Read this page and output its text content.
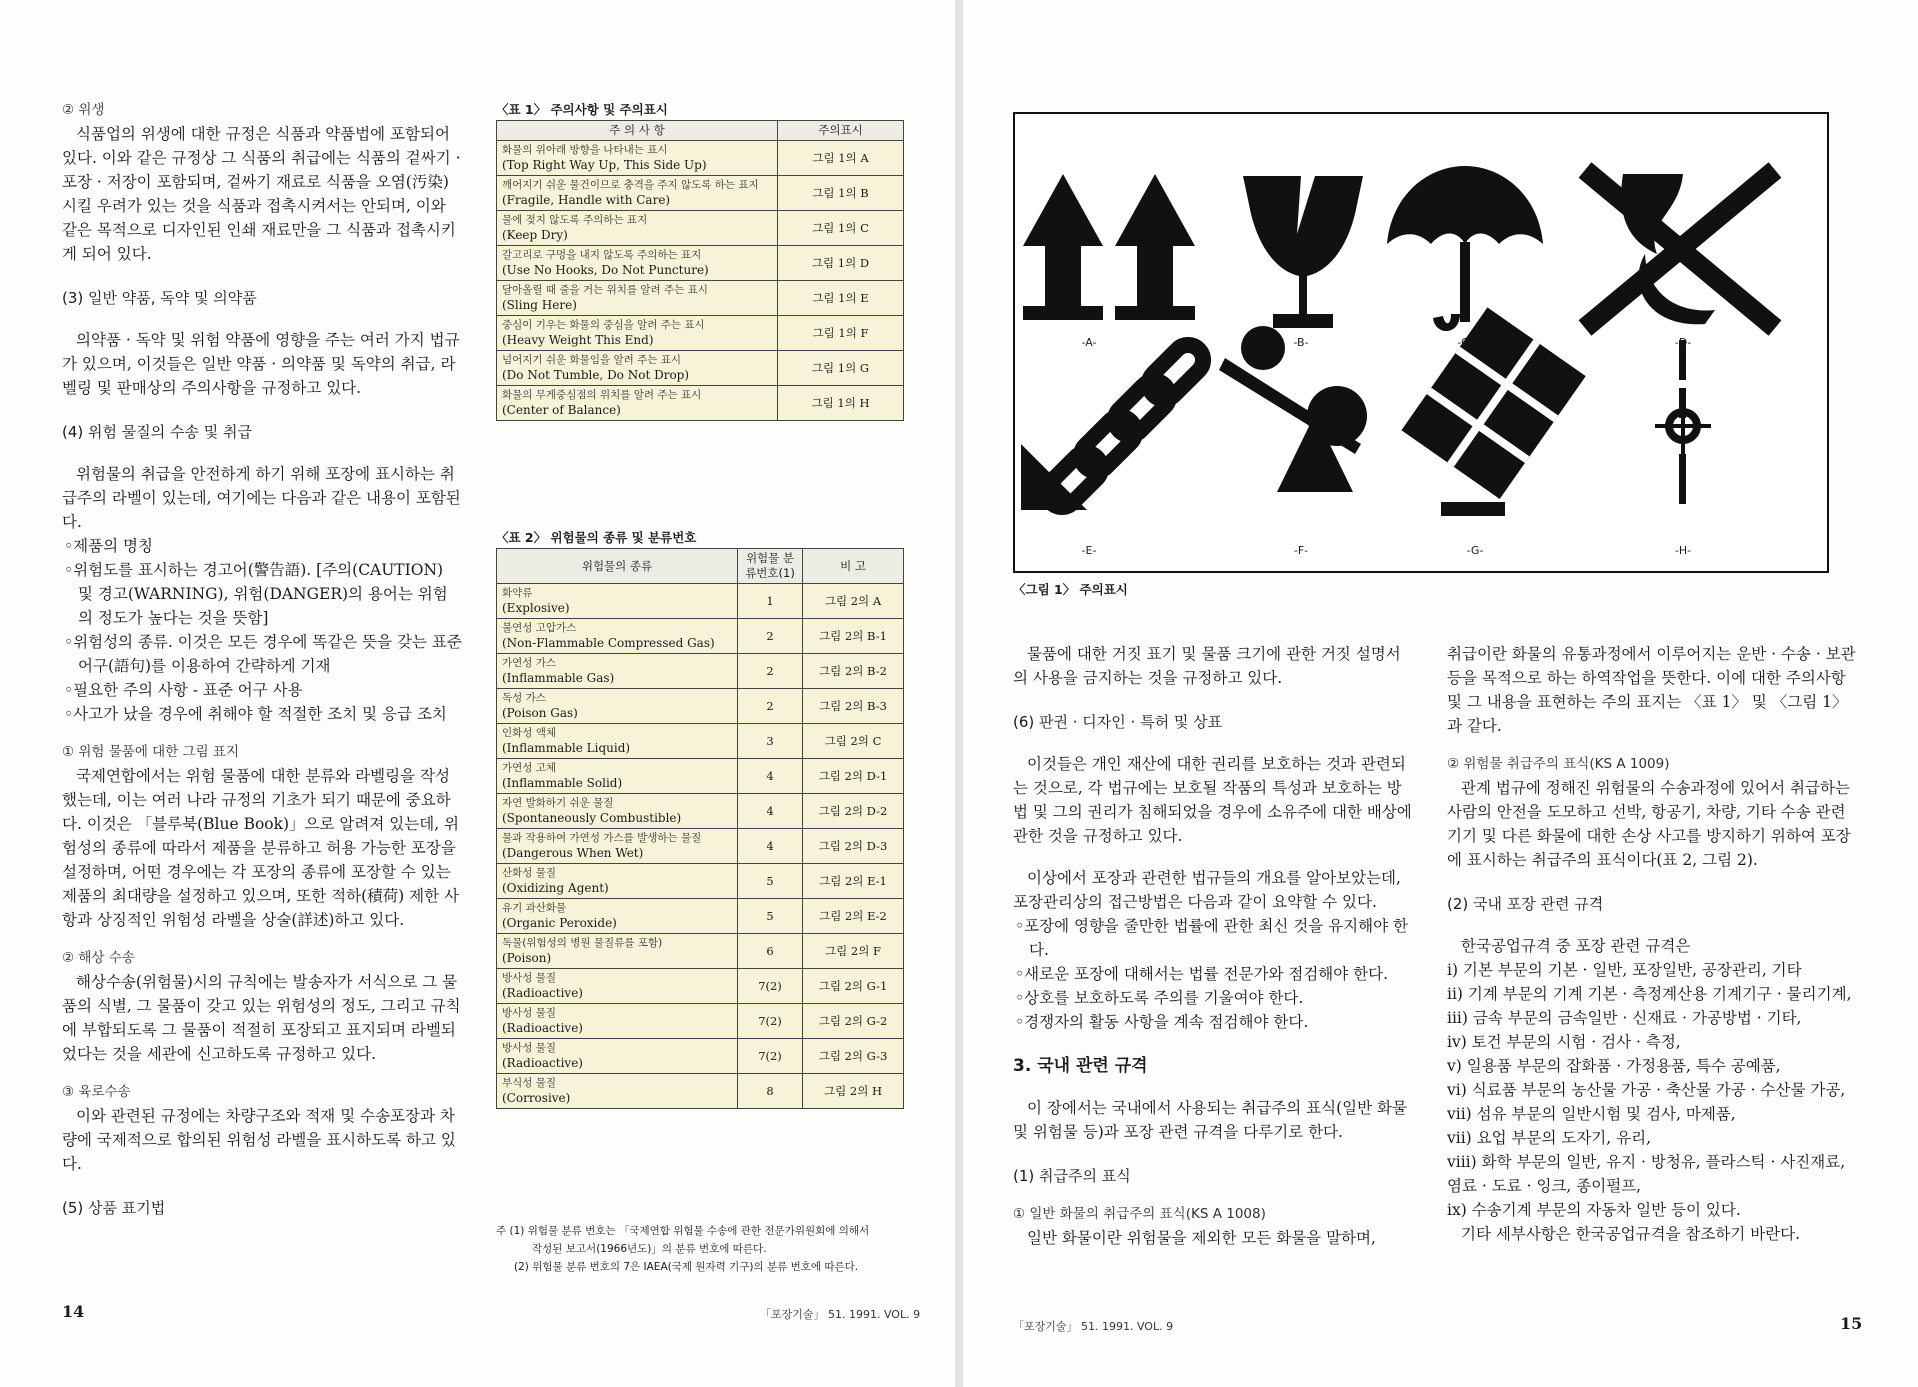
② 위생

식품업의 위생에 대한 규정은 식품과 약품법에 포함되어 있다. 이와 같은 규정상 그 식품의 취급에는 식품의 겉싸기 · 포장 · 저장이 포함되며, 겉싸기 재료로 식품을 오염(汚染)시킬 우려가 있는 것을 식품과 접촉시켜서는 안되며, 이와 같은 목적으로 디자인된 인쇄 재료만을 그 식품과 접촉시키게 되어 있다.

(3) 일반 약품, 독약 및 의약품

의약품 · 독약 및 위험 약품에 영향을 주는 여러 가지 법규가 있으며, 이것들은 일반 약품 · 의약품 및 독약의 취급, 라벨링 및 판매상의 주의사항을 규정하고 있다.

(4) 위험 물질의 수송 및 취급

위험물의 취급을 안전하게 하기 위해 포장에 표시하는 취급주의 라벨이 있는데, 여기에는 다음과 같은 내용이 포함된다.

◦제품의 명칭

◦위험도를 표시하는 경고어(警告語). [주의(CAUTION) 및 경고(WARNING), 위험(DANGER)의 용어는 위험의 정도가 높다는 것을 뜻함]

◦위험성의 종류. 이것은 모든 경우에 똑같은 뜻을 갖는 표준어구(語句)를 이용하여 간략하게 기재

◦필요한 주의 사항 - 표준 어구 사용

◦사고가 났을 경우에 취해야 할 적절한 조치 및 응급 조치

① 위험 물품에 대한 그림 표지

국제연합에서는 위험 물품에 대한 분류와 라벨링을 작성했는데, 이는 여러 나라 규정의 기초가 되기 때문에 중요하다. 이것은 「블루북(Blue Book)」으로 알려져 있는데, 위험성의 종류에 따라서 제품을 분류하고 허용 가능한 포장을 설정하며, 어떤 경우에는 각 포장의 종류에 포장할 수 있는 제품의 최대량을 설정하고 있으며, 또한 적하(積荷) 제한 사항과 상징적인 위험성 라벨을 상술(詳述)하고 있다.

② 해상 수송

해상수송(위험물)시의 규칙에는 발송자가 서식으로 그 물품의 식별, 그 물품이 갖고 있는 위험성의 정도, 그리고 규칙에 부합되도록 그 물품이 적절히 포장되고 표지되며 라벨되었다는 것을 세관에 신고하도록 규정하고 있다.

③ 육로수송

이와 관련된 규정에는 차량구조와 적재 및 수송포장과 차량에 국제적으로 합의된 위험성 라벨을 표시하도록 하고 있다.

(5) 상품 표기법

〈표 1〉 주의사항 및 주의표시
주 의 사 항	주의표시

화물의 위아래 방향을 나타내는 표시
(Top Right Way Up, This Side Up)	그림 1의 A

깨어지기 쉬운 물건이므로 충격을 주지 않도록 하는 표지
(Fragile, Handle with Care)	그림 1의 B

물에 젖지 않도록 주의하는 표지
(Keep Dry)	그림 1의 C

갈고리로 구멍을 내지 않도록 주의하는 표지
(Use No Hooks, Do Not Puncture)	그림 1의 D

달아올릴 때 줄을 거는 위치를 알려 주는 표시
(Sling Here)	그림 1의 E

중심이 기우는 화물의 중심을 알려 주는 표시
(Heavy Weight This End)	그림 1의 F

넘어지기 쉬운 화물임을 알려 주는 표시
(Do Not Tumble, Do Not Drop)	그림 1의 G

화물의 무게중심점의 위치를 알려 주는 표시
(Center of Balance)	그림 1의 H
〈표 2〉 위험물의 종류 및 분류번호
위험물의 종류	위험물 분류번호(1)	비 고

화약류
(Explosive)	1	그림 2의 A

불연성 고압가스
(Non-Flammable Compressed Gas)	2	그림 2의 B-1

가연성 가스
(Inflammable Gas)	2	그림 2의 B-2

독성 가스
(Poison Gas)	2	그림 2의 B-3

인화성 액체
(Inflammable Liquid)	3	그림 2의 C

가연성 고체
(Inflammable Solid)	4	그림 2의 D-1

자연 발화하기 쉬운 물질
(Spontaneously Combustible)	4	그림 2의 D-2

물과 작용하여 가연성 가스를 발생하는 물질
(Dangerous When Wet)	4	그림 2의 D-3

산화성 물질
(Oxidizing Agent)	5	그림 2의 E-1

유기 과산화물
(Organic Peroxide)	5	그림 2의 E-2

독물(위험성의 병원 물질류를 포함)
(Poison)	6	그림 2의 F

방사성 물질
(Radioactive)	7(2)	그림 2의 G-1

방사성 물질
(Radioactive)	7(2)	그림 2의 G-2

방사성 물질
(Radioactive)	7(2)	그림 2의 G-3

부식성 물질
(Corrosive)	8	그림 2의 H
주 (1) 위험물 분류 번호는 「국제연합 위험물 수송에 관한 전문가위원회에 의해서
작성된 보고서(1966년도)」의 분류 번호에 따른다.
(2) 위험물 분류 번호의 7은 IAEA(국제 원자력 기구)의 분류 번호에 따른다.
14	「포장기술」 51. 1991. VOL. 9
-A-	-B-	-C-	-D-
-E-	-F-	-G-	-H-
〈그림 1〉 주의표시

물품에 대한 거짓 표기 및 물품 크기에 관한 거짓 설명서의 사용을 금지하는 것을 규정하고 있다.

(6) 판권 · 디자인 · 특허 및 상표

이것들은 개인 재산에 대한 권리를 보호하는 것과 관련되는 것으로, 각 법규에는 보호될 작품의 특성과 보호하는 방법 및 그의 권리가 침해되었을 경우에 소유주에 대한 배상에 관한 것을 규정하고 있다.

이상에서 포장과 관련한 법규들의 개요를 알아보았는데, 포장관리상의 접근방법은 다음과 같이 요약할 수 있다.

◦포장에 영향을 줄만한 법률에 관한 최신 것을 유지해야 한다.

◦새로운 포장에 대해서는 법률 전문가와 점검해야 한다.

◦상호를 보호하도록 주의를 기울여야 한다.

◦경쟁자의 활동 사항을 계속 점검해야 한다.

3. 국내 관련 규격

이 장에서는 국내에서 사용되는 취급주의 표식(일반 화물 및 위험물 등)과 포장 관련 규격을 다루기로 한다.

(1) 취급주의 표식

① 일반 화물의 취급주의 표식(KS A 1008)

일반 화물이란 위험물을 제외한 모든 화물을 말하며,

취급이란 화물의 유통과정에서 이루어지는 운반 · 수송 · 보관 등을 목적으로 하는 하역작업을 뜻한다. 이에 대한 주의사항 및 그 내용을 표현하는 주의 표지는 〈표 1〉 및 〈그림 1〉과 같다.

② 위험물 취급주의 표식(KS A 1009)

관계 법규에 정해진 위험물의 수송과정에 있어서 취급하는 사람의 안전을 도모하고 선박, 항공기, 차량, 기타 수송 관련 기기 및 다른 화물에 대한 손상 사고를 방지하기 위하여 포장에 표시하는 취급주의 표식이다(표 2, 그림 2).

(2) 국내 포장 관련 규격

한국공업규격 중 포장 관련 규격은

i) 기본 부문의 기본 · 일반, 포장일반, 공장관리, 기타

ii) 기계 부문의 기계 기본 · 측정계산용 기계기구 · 물리기계,

iii) 금속 부문의 금속일반 · 신재료 · 가공방법 · 기타,

iv) 토건 부문의 시험 · 검사 · 측정,

v) 일용품 부문의 잡화품 · 가정용품, 특수 공예품,

vi) 식료품 부문의 농산물 가공 · 축산물 가공 · 수산물 가공,

vii) 섬유 부문의 일반시험 및 검사, 마제품,

vii) 요업 부문의 도자기, 유리,

viii) 화학 부문의 일반, 유지 · 방청유, 플라스틱 · 사진재료, 염료 · 도료 · 잉크, 종이펄프,

ix) 수송기계 부문의 자동차 일반 등이 있다.

기타 세부사항은 한국공업규격을 참조하기 바란다.

「포장기술」 51. 1991. VOL. 9	15
